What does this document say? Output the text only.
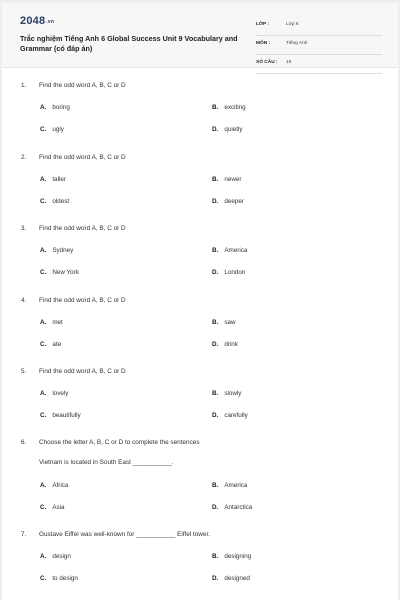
2048.vn
Trắc nghiệm Tiếng Anh 6 Global Success Unit 9 Vocabulary and Grammar (có đáp án)
LỚP :	Lớp 6
MÔN :	Tiếng Anh
SỐ CÂU : 15
1. Find the odd word A, B, C or D
A. boring	B. exciting
C. ugly	D. quietly
2. Find the odd word A, B, C or D
A. taller	B. newer
C. oldest	D. deeper
3. Find the odd word A, B, C or D
A. Sydney	B. America
C. New York	D. London
4. Find the odd word A, B, C or D
A. met	B. saw
C. ate	D. drink
5. Find the odd word A, B, C or D
A. lovely	B. slowly
C. beautifully	D. carefully
6. Choose the letter A, B, C or D to complete the sentences
Vietnam is located in South East ___________.
A. Africa	B. America
C. Asia	D. Antarctica
7. Gustave Eiffel was well-known for ___________ Eiffel tower.
A. design	B. designing
C. to design	D. designed
